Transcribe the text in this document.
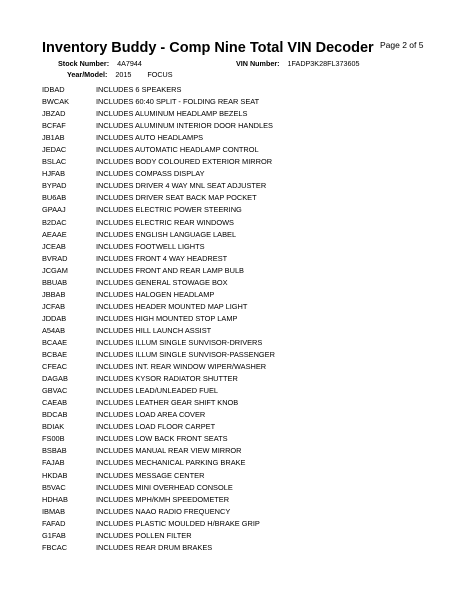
Inventory Buddy - Comp Nine Total VIN Decoder Page 2 of 5
Stock Number: 4A7944	VIN Number: 1FADP3K28FL373605
Year/Model: 2015 FOCUS
IDBAD	INCLUDES 6 SPEAKERS
BWCAK	INCLUDES 60:40 SPLIT - FOLDING REAR SEAT
JBZAD	INCLUDES ALUMINUM HEADLAMP BEZELS
BCFAF	INCLUDES ALUMINUM INTERIOR DOOR HANDLES
JB1AB	INCLUDES AUTO HEADLAMPS
JEDAC	INCLUDES AUTOMATIC HEADLAMP CONTROL
BSLAC	INCLUDES BODY COLOURED EXTERIOR MIRROR
HJFAB	INCLUDES COMPASS DISPLAY
BYPAD	INCLUDES DRIVER 4 WAY MNL SEAT ADJUSTER
BU6AB	INCLUDES DRIVER SEAT BACK MAP POCKET
GPAAJ	INCLUDES ELECTRIC POWER STEERING
B2DAC	INCLUDES ELECTRIC REAR WINDOWS
AEAAE	INCLUDES ENGLISH LANGUAGE LABEL
JCEAB	INCLUDES FOOTWELL LIGHTS
BVRAD	INCLUDES FRONT 4 WAY HEADREST
JCGAM	INCLUDES FRONT AND REAR LAMP BULB
BBUAB	INCLUDES GENERAL STOWAGE BOX
JBBAB	INCLUDES HALOGEN HEADLAMP
JCFAB	INCLUDES HEADER MOUNTED MAP LIGHT
JDDAB	INCLUDES HIGH MOUNTED STOP LAMP
A54AB	INCLUDES HILL LAUNCH ASSIST
BCAAE	INCLUDES ILLUM SINGLE SUNVISOR-DRIVERS
BCBAE	INCLUDES ILLUM SINGLE SUNVISOR-PASSENGER
CFEAC	INCLUDES INT. REAR WINDOW WIPER/WASHER
DAGAB	INCLUDES KYSOR RADIATOR SHUTTER
GBVAC	INCLUDES LEAD/UNLEADED FUEL
CAEAB	INCLUDES LEATHER GEAR SHIFT KNOB
BDCAB	INCLUDES LOAD AREA COVER
BDIAK	INCLUDES LOAD FLOOR CARPET
FS00B	INCLUDES LOW BACK FRONT SEATS
BSBAB	INCLUDES MANUAL REAR VIEW MIRROR
FAJAB	INCLUDES MECHANICAL PARKING BRAKE
HKDAB	INCLUDES MESSAGE CENTER
B5VAC	INCLUDES MINI OVERHEAD CONSOLE
HDHAB	INCLUDES MPH/KMH SPEEDOMETER
IBMAB	INCLUDES NAAO RADIO FREQUENCY
FAFAD	INCLUDES PLASTIC MOULDED H/BRAKE GRIP
G1FAB	INCLUDES POLLEN FILTER
FBCAC	INCLUDES REAR DRUM BRAKES
